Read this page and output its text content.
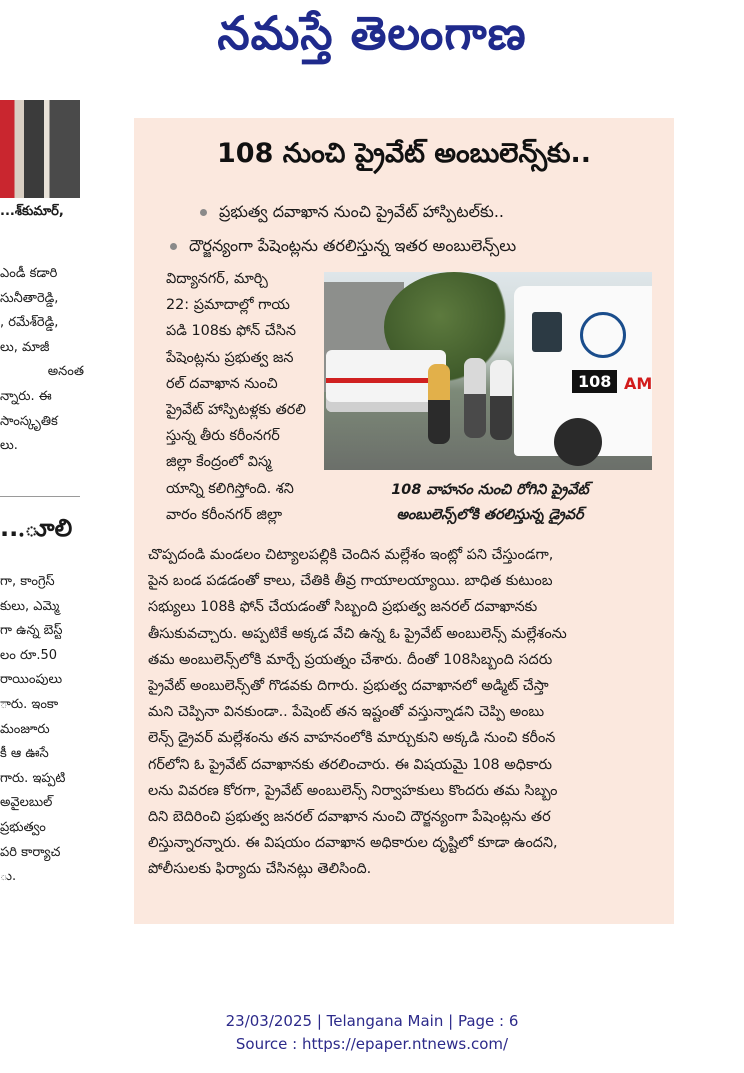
నమస్తే తెలంగాణ
...శ్‌కుమార్,
ఎండీ కడారి
సునీతారెడ్డి,
, రమేశ్‌రెడ్డి,
లు, మాజీ
అనంత
న్నారు. ఈ
సాంస్కృతిక
లు.
...ూలి
గా, కాంగ్రెస్
కులు, ఎమ్మె
గా ఉన్న బెస్ట్
లం రూ.50
రాయింపులు
ారు. ఇంకా
మంజూరు
కీ ఆ ఊసే
గారు. ఇప్పటి
అవైలబుల్
ప్రభుత్వం
పరి కార్యాచ
ు.
108 నుంచి ప్రైవేట్ అంబులెన్స్‌కు..
ప్రభుత్వ దవాఖాన నుంచి ప్రైవేట్ హాస్పిటల్‌కు..
దౌర్జన్యంగా పేషెంట్లను తరలిస్తున్న ఇతర అంబులెన్స్‌లు
విద్యానగర్, మార్చి
22: ప్రమాదాల్లో గాయ
పడి 108కు ఫోన్ చేసిన
పేషెంట్లను ప్రభుత్వ జన
రల్ దవాఖాన నుంచి
ప్రైవేట్ హాస్పిటళ్లకు తరలి
స్తున్న తీరు కరీంనగర్
జిల్లా కేంద్రంలో విస్మ
యాన్ని కలిగిస్తోంది. శని
వారం కరీంనగర్ జిల్లా
108 AM
108 వాహనం నుంచి రోగిని ప్రైవేట్
అంబులెన్స్‌లోకి తరలిస్తున్న డ్రైవర్
చొప్పదండి మండలం చిట్యాలపల్లికి చెందిన మల్లేశం ఇంట్లో పని చేస్తుండగా,
పైన బండ పడడంతో కాలు, చేతికి తీవ్ర గాయాలయ్యాయి. బాధిత కుటుంబ
సభ్యులు 108కి ఫోన్ చేయడంతో సిబ్బంది ప్రభుత్వ జనరల్ దవాఖానకు
తీసుకువచ్చారు. అప్పటికే అక్కడ వేచి ఉన్న ఓ ప్రైవేట్ అంబులెన్స్ మల్లేశంను
తమ అంబులెన్స్‌లోకి మార్చే ప్రయత్నం చేశారు. దీంతో 108సిబ్బంది సదరు
ప్రైవేట్ అంబులెన్స్‌తో గొడవకు దిగారు. ప్రభుత్వ దవాఖానలో అడ్మిట్ చేస్తా
మని చెప్పినా వినకుండా.. పేషెంట్ తన ఇష్టంతో వస్తున్నాడని చెప్పి అంబు
లెన్స్ డ్రైవర్ మల్లేశంను తన వాహనంలోకి మార్చుకుని అక్కడి నుంచి కరీంన
గర్‌లోని ఓ ప్రైవేట్ దవాఖానకు తరలించారు. ఈ విషయమై 108 అధికారు
లను వివరణ కోరగా, ప్రైవేట్ అంబులెన్స్ నిర్వాహకులు కొందరు తమ సిబ్బం
దిని బెదిరించి ప్రభుత్వ జనరల్ దవాఖాన నుంచి దౌర్జన్యంగా పేషెంట్లను తర
లిస్తున్నారన్నారు. ఈ విషయం దవాఖాన అధికారుల దృష్టిలో కూడా ఉందని,
పోలీసులకు ఫిర్యాదు చేసినట్లు తెలిసింది.
23/03/2025 | Telangana Main | Page : 6
Source : https://epaper.ntnews.com/
